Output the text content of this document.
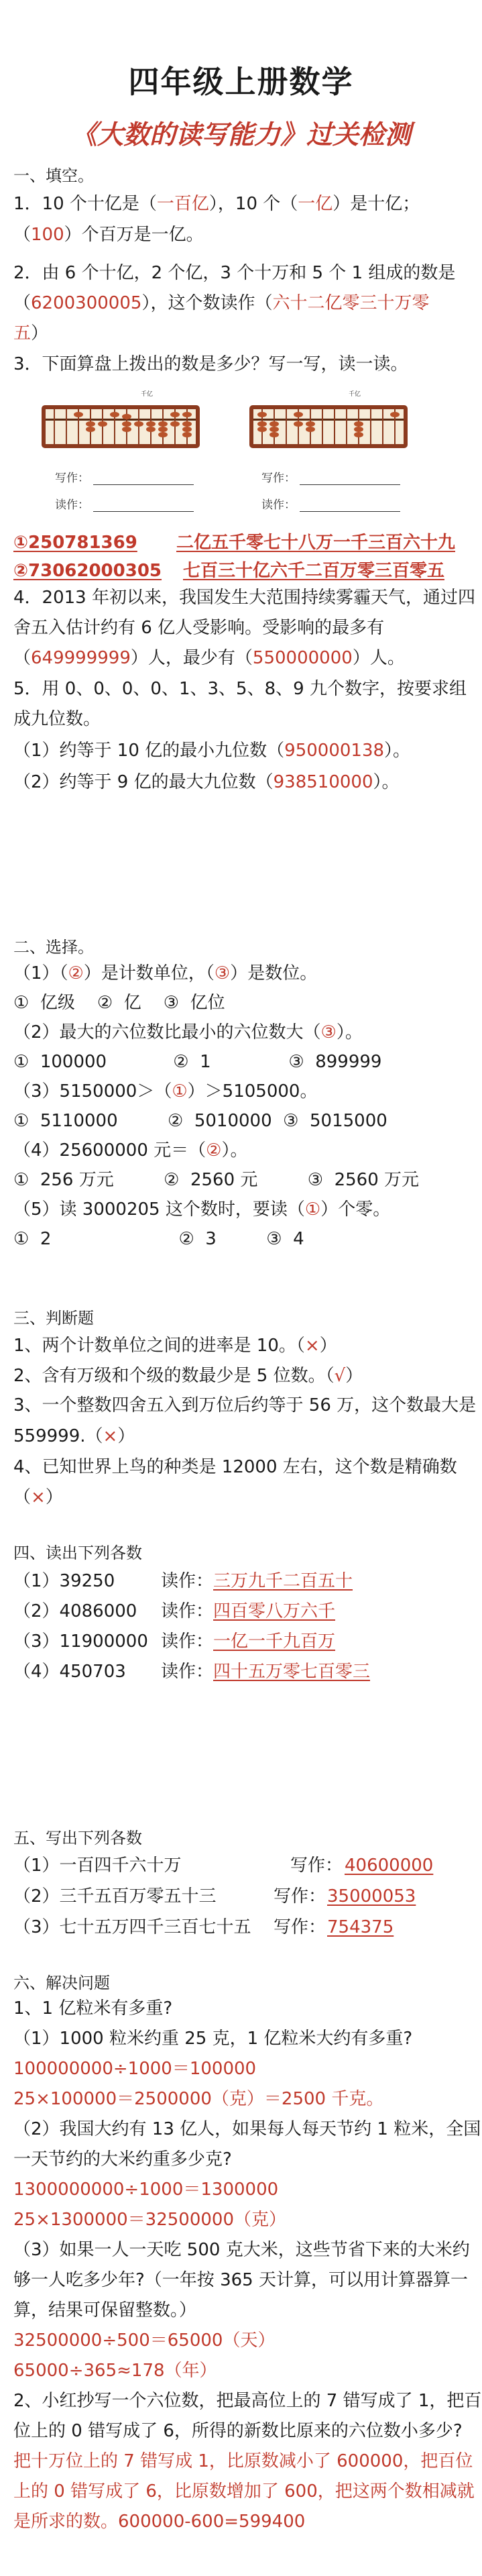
四年级上册数学
《大数的读写能力》过关检测
一、填空。
1．10 个十亿是（一百亿），10 个（一亿）是十亿；
（100）个百万是一亿。
2．由 6 个十亿，2 个亿，3 个十万和 5 个 1 组成的数是
（6200300005），这个数读作（六十二亿零三十万零
五）
3．下面算盘上拨出的数是多少？写一写，读一读。
千亿	千亿
写作：
读作：
写作：
读作：
①250781369 二亿五千零七十八万一千三百六十九
②73062000305 七百三十亿六千二百万零三百零五
4．2013 年初以来，我国发生大范围持续雾霾天气，通过四
舍五入估计约有 6 亿人受影响。受影响的最多有
（649999999）人，最少有（550000000）人。
5．用 0、0、0、0、1、3、5、8、9 九个数字，按要求组
成九位数。
（1）约等于 10 亿的最小九位数（950000138）。
（2）约等于 9 亿的最大九位数（938510000）。
二、选择。
（1）（②）是计数单位，（③）是数位。
①  亿级    ②  亿    ③  亿位
（2）最大的六位数比最小的六位数大（③）。
①  100000            ②  1              ③  899999
（3）5150000＞（①）＞5105000。
①  5110000         ②  5010000  ③  5015000
（4）25600000 元＝（②）。
①  256 万元         ②  2560 元         ③  2560 万元
（5）读 3000205 这个数时，要读（①）个零。
①  2                       ②  3         ③  4
三、判断题
1、两个计数单位之间的进率是 10。（×）
2、含有万级和个级的数最少是 5 位数。（√）
3、一个整数四舍五入到万位后约等于 56 万，这个数最大是
559999.（×）
4、已知世界上鸟的种类是 12000 左右，这个数是精确数
（×）
四、读出下列各数
（1）39250	读作： 三万九千二百五十
（2）4086000 读作： 四百零八万六千
（3）11900000 读作： 一亿一千九百万
（4）450703 读作： 四十五万零七百零三
五、写出下列各数
（1）一百四千六十万	写作： 40600000
（2）三千五百万零五十三	写作： 35000053
（3）七十五万四千三百七十五 写作： 754375
六、解决问题
1、1 亿粒米有多重?
（1）1000 粒米约重 25 克，1 亿粒米大约有多重?
100000000÷1000＝100000
25×100000＝2500000（克）＝2500 千克。
（2）我国大约有 13 亿人，如果每人每天节约 1 粒米，全国
一天节约的大米约重多少克?
1300000000÷1000＝1300000
25×1300000＝32500000（克）
（3）如果一人一天吃 500 克大米，这些节省下来的大米约
够一人吃多少年?（一年按 365 天计算，可以用计算器算一
算，结果可保留整数。）
32500000÷500＝65000（天）
65000÷365≈178（年）
2、小红抄写一个六位数，把最高位上的 7 错写成了 1，把百
位上的 0 错写成了 6，所得的新数比原来的六位数小多少?
把十万位上的 7 错写成 1，比原数减小了 600000，把百位
上的 0 错写成了 6，比原数增加了 600，把这两个数相减就
是所求的数。600000-600=599400
